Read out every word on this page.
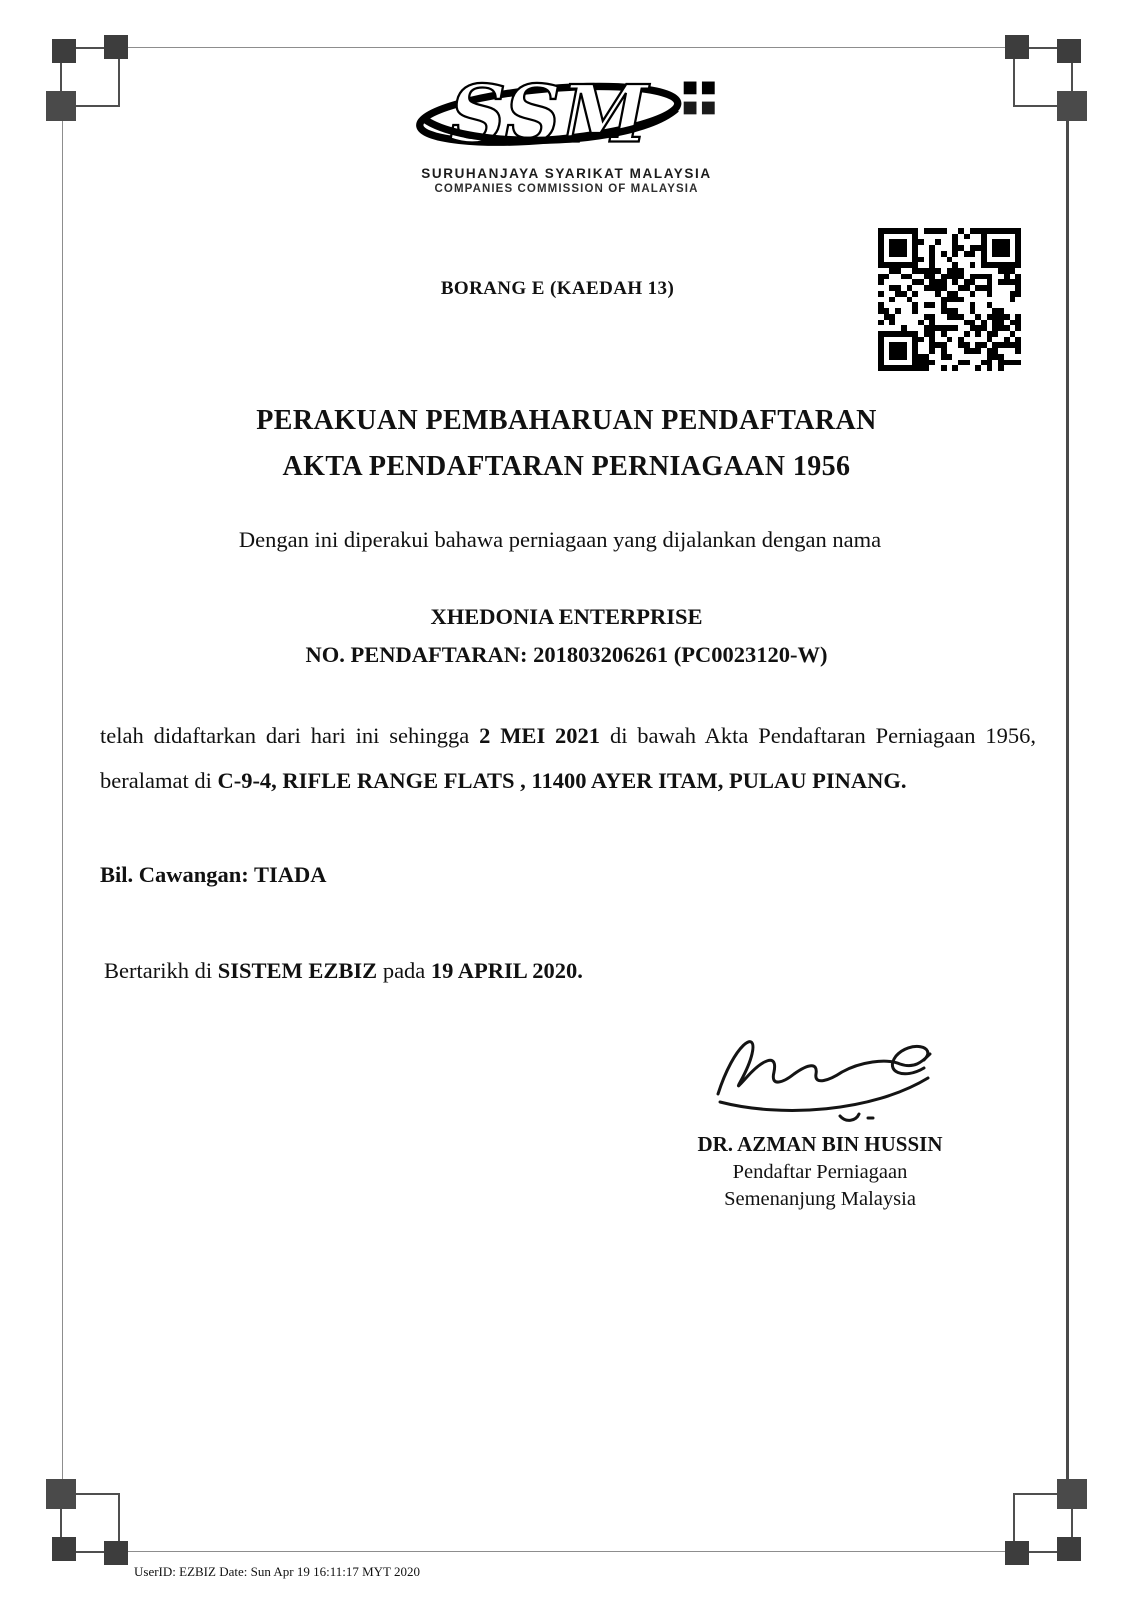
SSM
SURUHANJAYA SYARIKAT MALAYSIA
COMPANIES COMMISSION OF MALAYSIA
BORANG E (KAEDAH 13)
PERAKUAN PEMBAHARUAN PENDAFTARAN
AKTA PENDAFTARAN PERNIAGAAN 1956
Dengan ini diperakui bahawa perniagaan yang dijalankan dengan nama
XHEDONIA ENTERPRISE
NO. PENDAFTARAN: 201803206261 (PC0023120-W)

telah didaftarkan dari hari ini sehingga 2 MEI 2021 di bawah Akta Pendaftaran Perniagaan 1956, beralamat di C-9-4, RIFLE RANGE FLATS , 11400 AYER ITAM, PULAU PINANG.

Bil. Cawangan: TIADA
Bertarikh di SISTEM EZBIZ pada 19 APRIL 2020.
DR. AZMAN BIN HUSSIN
Pendaftar Perniagaan
Semenanjung Malaysia
UserID: EZBIZ Date: Sun Apr 19 16:11:17 MYT 2020
